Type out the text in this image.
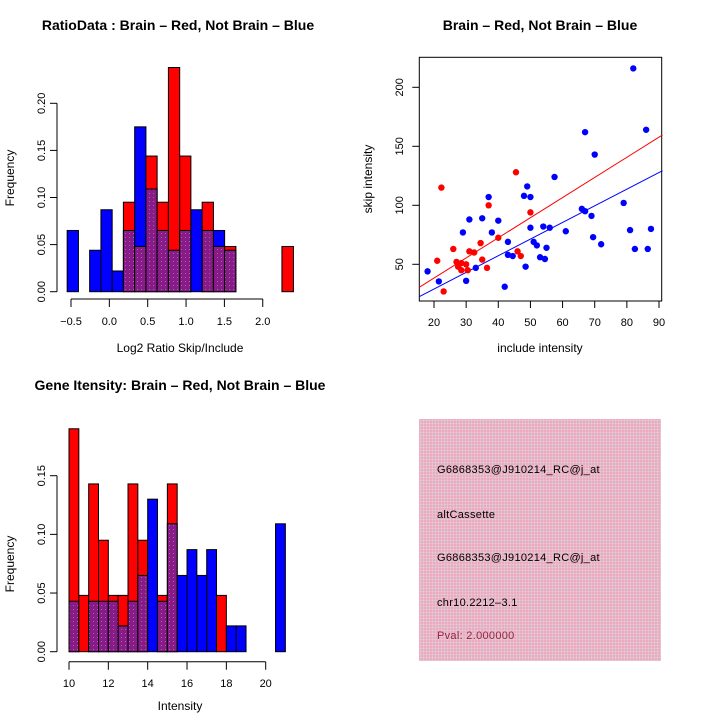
RatioData : Brain – Red, Not Brain – Blue
Log2 Ratio Skip/Include
Frequency
0.00
0.05
0.10
0.15
0.20
−0.5 0.0 0.5 1.0 1.5 2.0
Brain – Red, Not Brain – Blue
include intensity
skip intensity
20 30 40 50 60 70 80 90
50
100
150
200
Gene Itensity: Brain – Red, Not Brain – Blue
Intensity
Frequency
0.00
0.05
0.10
0.15
10 12 14 16 18 20
G6868353@J910214_RC@j_at
altCassette
G6868353@J910214_RC@j_at
chr10.2212–3.1
Pval: 2.000000
